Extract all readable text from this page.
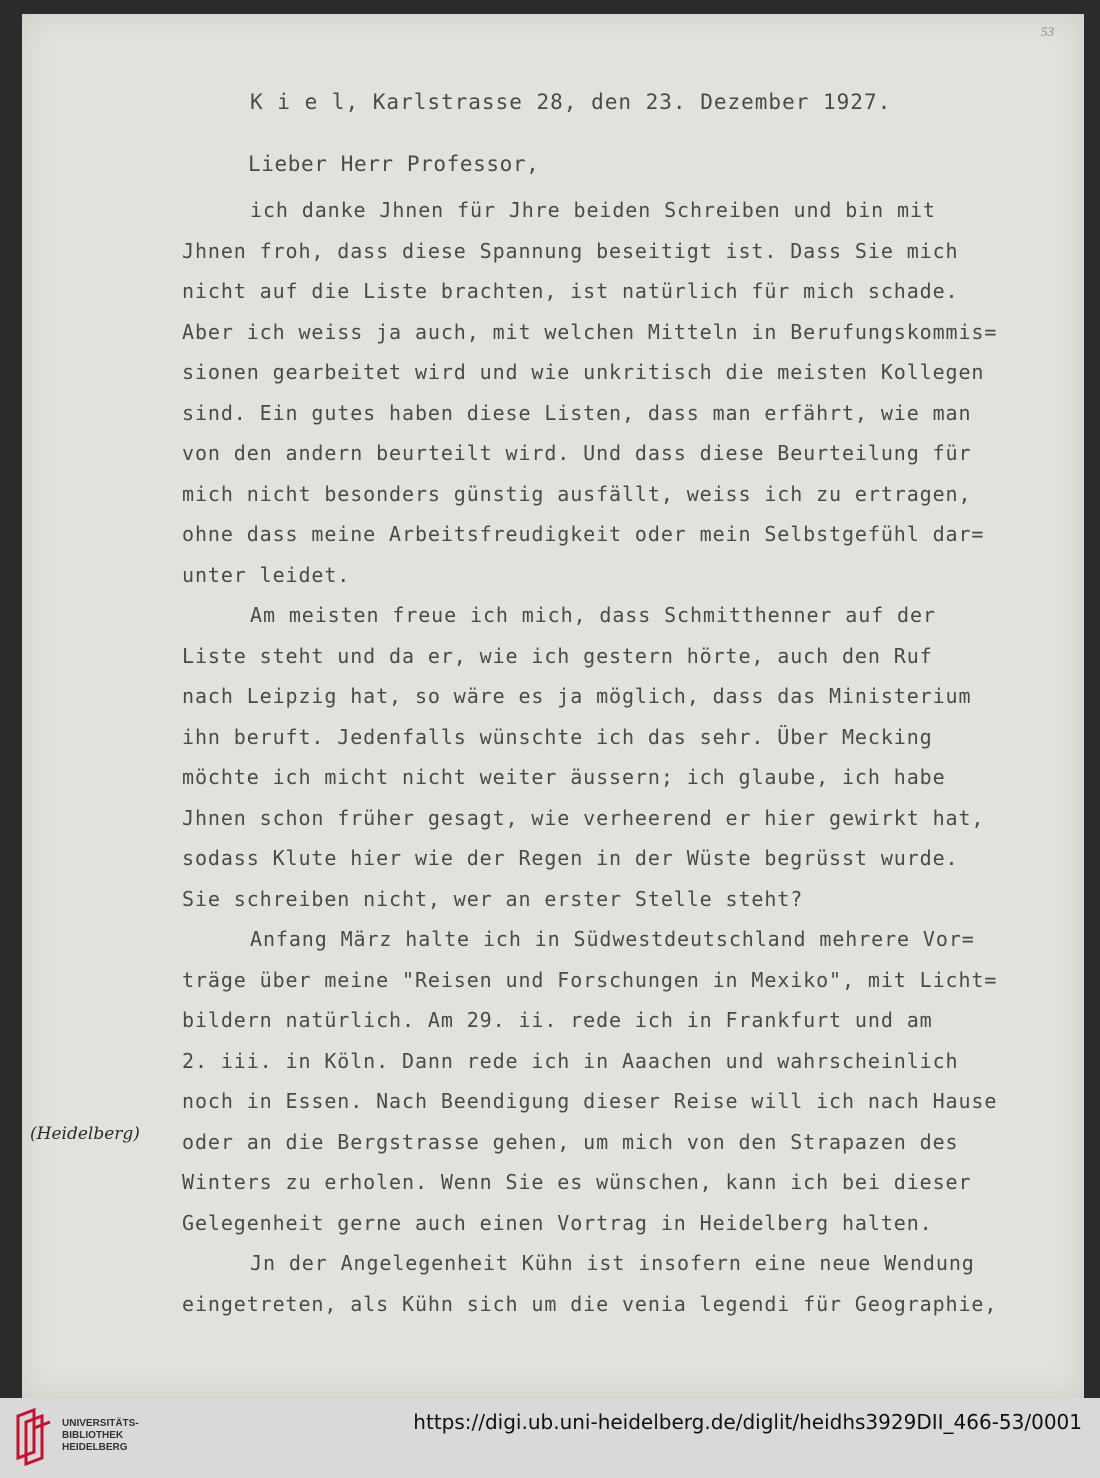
53
K i e l, Karlstrasse 28, den 23. Dezember 1927.
Lieber Herr Professor,
ich danke Jhnen für Jhre beiden Schreiben und bin mit
Jhnen froh, dass diese Spannung beseitigt ist. Dass Sie mich
nicht auf die Liste brachten, ist natürlich für mich schade.
Aber ich weiss ja auch, mit welchen Mitteln in Berufungskommis=
sionen gearbeitet wird und wie unkritisch die meisten Kollegen
sind. Ein gutes haben diese Listen, dass man erfährt, wie man
von den andern beurteilt wird. Und dass diese Beurteilung für
mich nicht besonders günstig ausfällt, weiss ich zu ertragen,
ohne dass meine Arbeitsfreudigkeit oder mein Selbstgefühl dar=
unter leidet.
Am meisten freue ich mich, dass Schmitthenner auf der
Liste steht und da er, wie ich gestern hörte, auch den Ruf
nach Leipzig hat, so wäre es ja möglich, dass das Ministerium
ihn beruft. Jedenfalls wünschte ich das sehr. Über Mecking
möchte ich micht nicht weiter äussern; ich glaube, ich habe
Jhnen schon früher gesagt, wie verheerend er hier gewirkt hat,
sodass Klute hier wie der Regen in der Wüste begrüsst wurde.
Sie schreiben nicht, wer an erster Stelle steht?
Anfang März halte ich in Südwestdeutschland mehrere Vor=
träge über meine "Reisen und Forschungen in Mexiko", mit Licht=
bildern natürlich. Am 29. ii. rede ich in Frankfurt und am
2. iii. in Köln. Dann rede ich in Aaachen und wahrscheinlich
noch in Essen. Nach Beendigung dieser Reise will ich nach Hause
oder an die Bergstrasse gehen, um mich von den Strapazen des
Winters zu erholen. Wenn Sie es wünschen, kann ich bei dieser
Gelegenheit gerne auch einen Vortrag in Heidelberg halten.
Jn der Angelegenheit Kühn ist insofern eine neue Wendung
eingetreten, als Kühn sich um die venia legendi für Geographie,
(Heidelberg)
UNIVERSITÄTS-
BIBLIOTHEK
HEIDELBERG
https://digi.ub.uni-heidelberg.de/diglit/heidhs3929DII_466-53/0001
